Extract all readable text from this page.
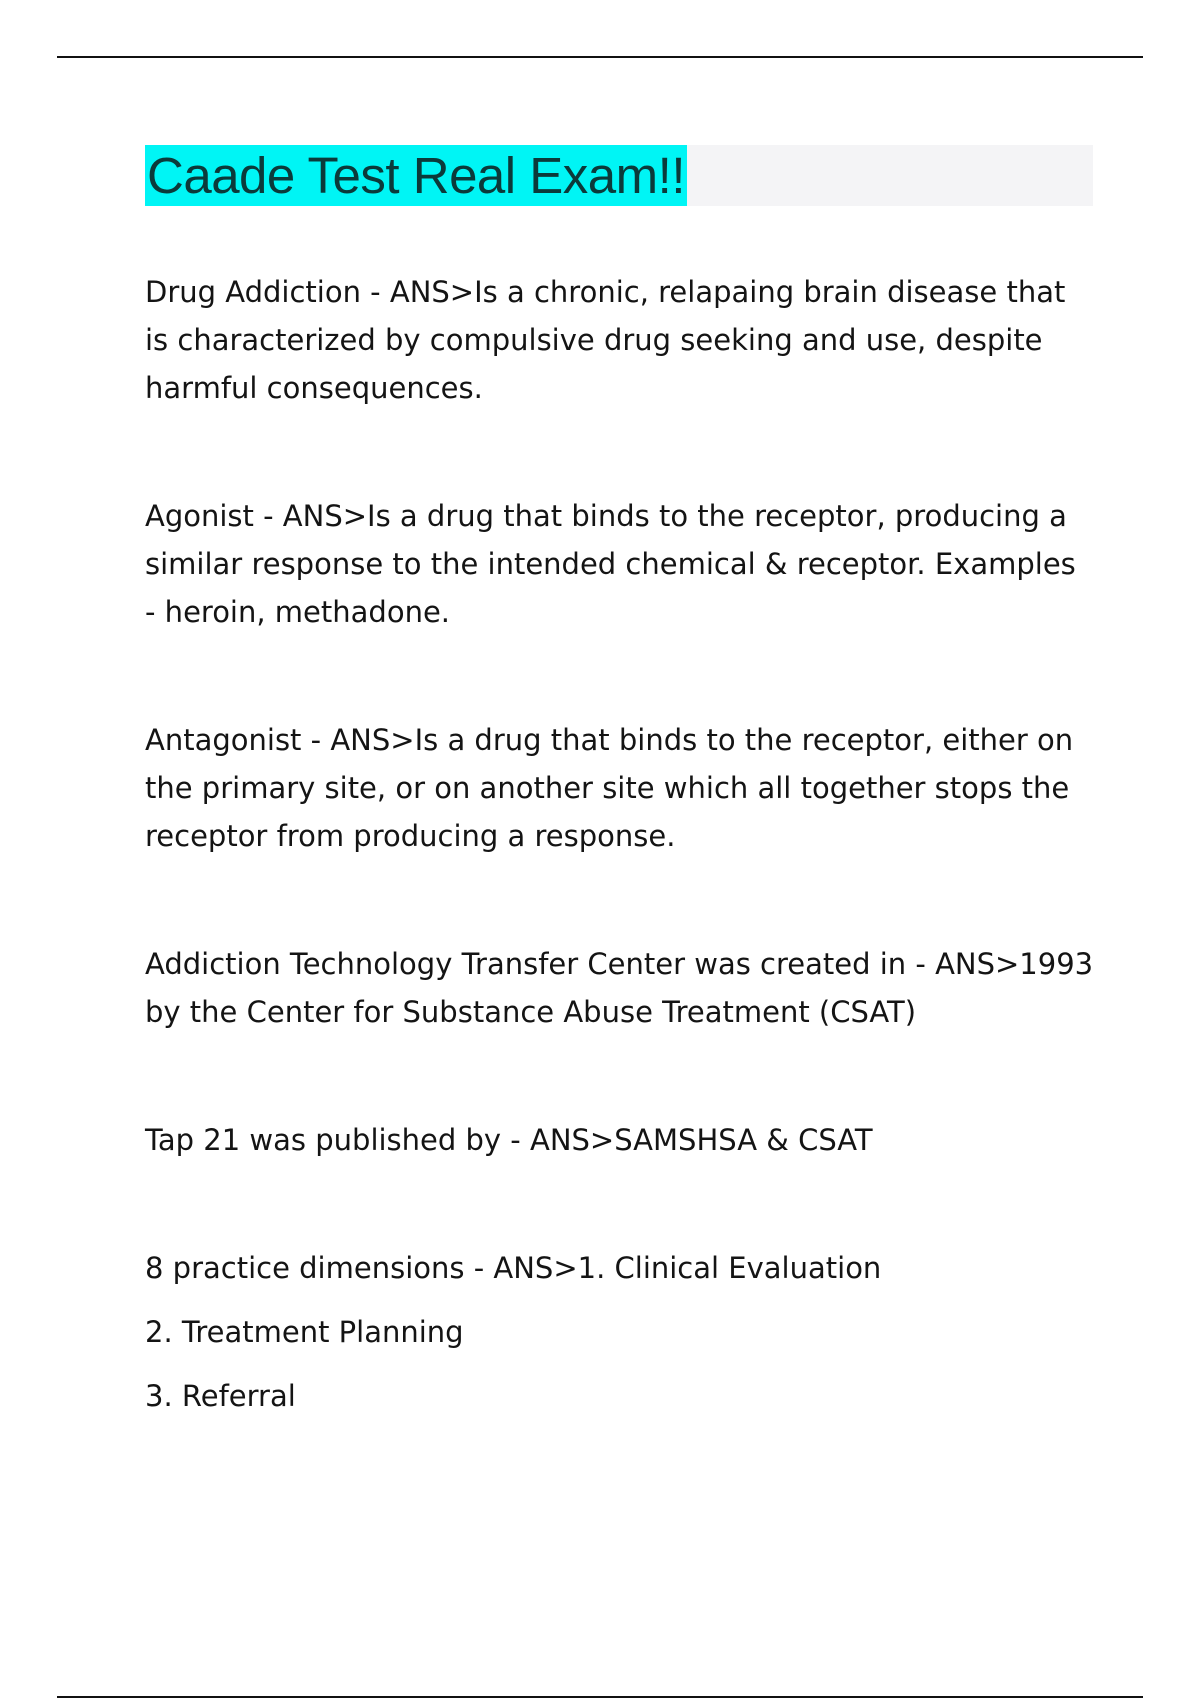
Caade Test Real Exam!!

Drug Addiction - ANS>Is a chronic, relapaing brain disease that is characterized by compulsive drug seeking and use, despite harmful consequences.

Agonist - ANS>Is a drug that binds to the receptor, producing a similar response to the intended chemical & receptor. Examples - heroin, methadone.

Antagonist - ANS>Is a drug that binds to the receptor, either on the primary site, or on another site which all together stops the receptor from producing a response.

Addiction Technology Transfer Center was created in - ANS>1993 by the Center for Substance Abuse Treatment (CSAT)

Tap 21 was published by - ANS>SAMSHSA & CSAT

8 practice dimensions - ANS>1. Clinical Evaluation

2. Treatment Planning

3. Referral
